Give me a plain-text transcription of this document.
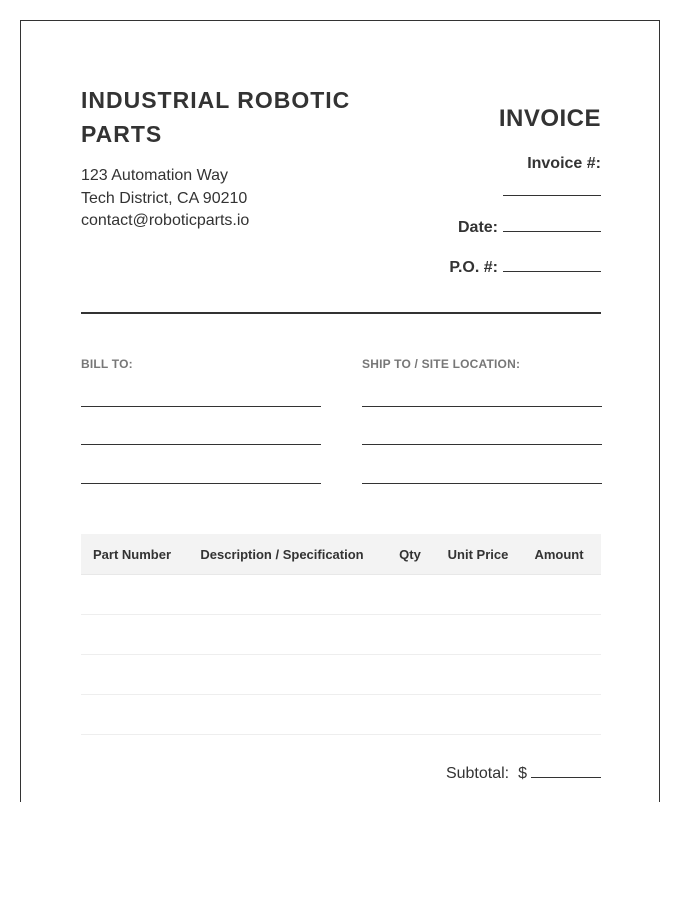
INDUSTRIAL ROBOTIC PARTS
123 Automation Way
Tech District, CA 90210
contact@roboticparts.io
INVOICE
Invoice #:
Date:
P.O. #:
BILL TO:	SHIP TO / SITE LOCATION:
Part Number	Description / Specification	Qty	Unit Price	Amount

Subtotal: $
